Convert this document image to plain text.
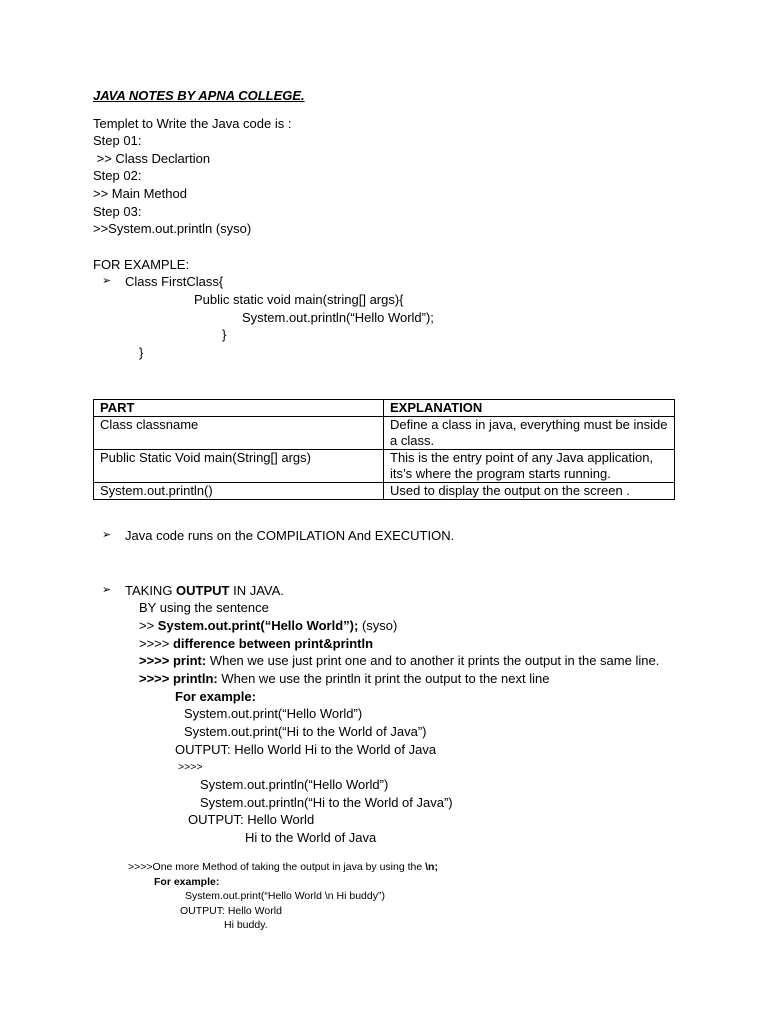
JAVA NOTES BY APNA COLLEGE.
Templet to Write the Java code is :
Step 01:
>> Class Declartion
Step 02:
>> Main Method
Step 03:
>>System.out.println (syso)
FOR EXAMPLE:
➢ Class FirstClass{
Public static void main(string[] args){
System.out.println(“Hello World”);
}
}
PART	EXPLANATION
Class classname	Define a class in java, everything must be inside a class.
Public Static Void main(String[] args)	This is the entry point of any Java application, its’s where the program starts running.
System.out.println()	Used to display the output on the screen .
➢ Java code runs on the COMPILATION And EXECUTION.
➢ TAKING OUTPUT IN JAVA.
BY using the sentence
>> System.out.print(“Hello World”); (syso)
>>>> difference between print&println
>>>> print: When we use just print one and to another it prints the output in the same line.
>>>> println: When we use the println it print the output to the next line
For example:
System.out.print(“Hello World”)
System.out.print(“Hi to the World of Java”)
OUTPUT: Hello World Hi to the World of Java
>>>>
System.out.println(“Hello World”)
System.out.println(“Hi to the World of Java”)
OUTPUT: Hello World
Hi to the World of Java
>>>>One more Method of taking the output in java by using the \n;
For example:
System.out.print(“Hello World \n Hi buddy”)
OUTPUT: Hello World
Hi buddy.
